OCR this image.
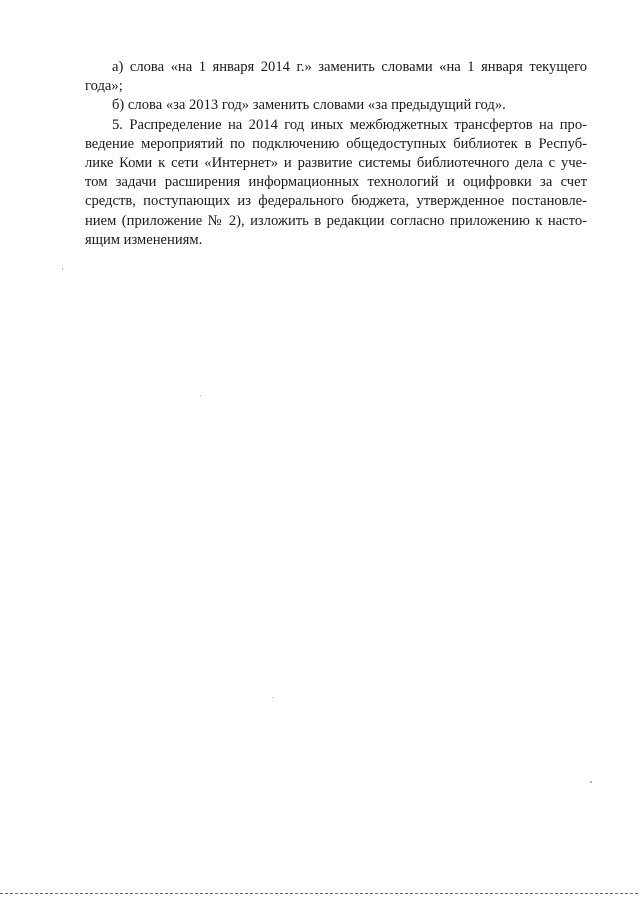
а) слова «на 1 января 2014 г.» заменить словами «на 1 января текущего
года»;

б) слова «за 2013 год» заменить словами «за предыдущий год».

5. Распределение на 2014 год иных межбюджетных трансфертов на про-
ведение мероприятий по подключению общедоступных библиотек в Респуб-
лике Коми к сети «Интернет» и развитие системы библиотечного дела с уче-
том задачи расширения информационных технологий и оцифровки за счет
средств, поступающих из федерального бюджета, утвержденное постановле-
нием (приложение № 2), изложить в редакции согласно приложению к насто-
ящим изменениям.
